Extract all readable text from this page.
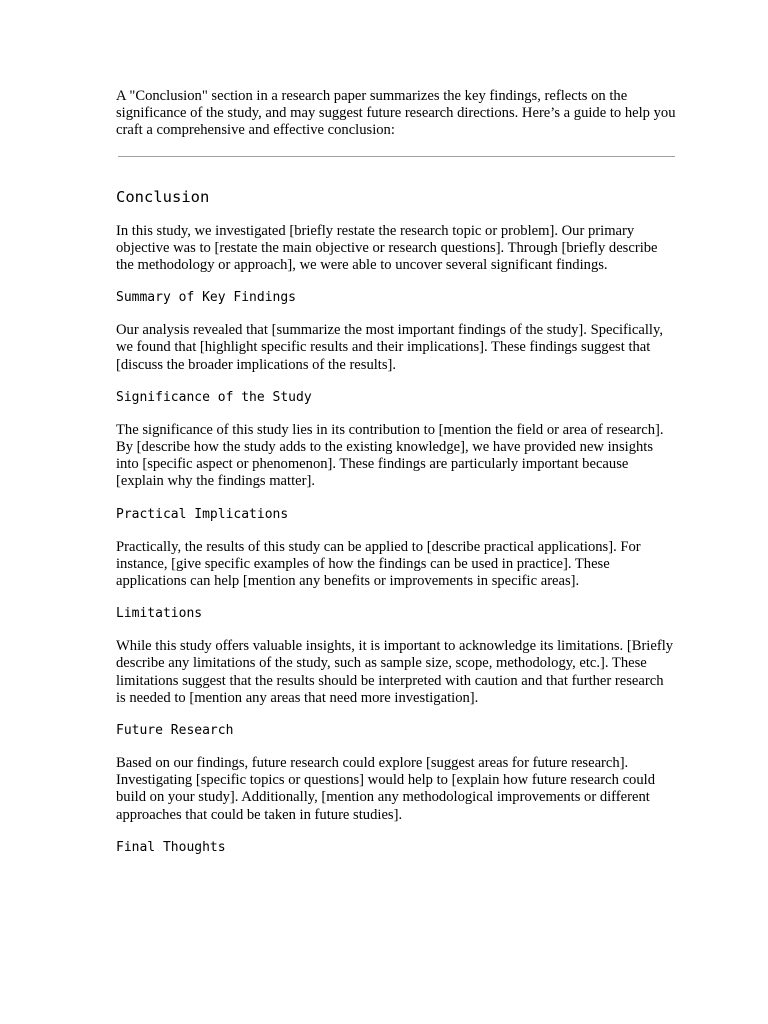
A "Conclusion" section in a research paper summarizes the key findings, reflects on the significance of the study, and may suggest future research directions. Here’s a guide to help you craft a comprehensive and effective conclusion:

Conclusion

In this study, we investigated [briefly restate the research topic or problem]. Our primary objective was to [restate the main objective or research questions]. Through [briefly describe the methodology or approach], we were able to uncover several significant findings.

Summary of Key Findings

Our analysis revealed that [summarize the most important findings of the study]. Specifically, we found that [highlight specific results and their implications]. These findings suggest that [discuss the broader implications of the results].

Significance of the Study

The significance of this study lies in its contribution to [mention the field or area of research]. By [describe how the study adds to the existing knowledge], we have provided new insights into [specific aspect or phenomenon]. These findings are particularly important because [explain why the findings matter].

Practical Implications

Practically, the results of this study can be applied to [describe practical applications]. For instance, [give specific examples of how the findings can be used in practice]. These applications can help [mention any benefits or improvements in specific areas].

Limitations

While this study offers valuable insights, it is important to acknowledge its limitations. [Briefly describe any limitations of the study, such as sample size, scope, methodology, etc.]. These limitations suggest that the results should be interpreted with caution and that further research is needed to [mention any areas that need more investigation].

Future Research

Based on our findings, future research could explore [suggest areas for future research]. Investigating [specific topics or questions] would help to [explain how future research could build on your study]. Additionally, [mention any methodological improvements or different approaches that could be taken in future studies].

Final Thoughts
